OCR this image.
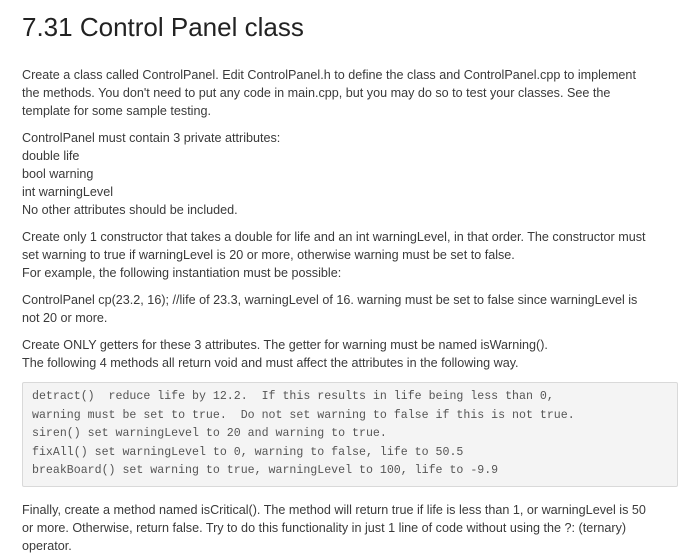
7.31 Control Panel class

Create a class called ControlPanel. Edit ControlPanel.h to define the class and ControlPanel.cpp to implement
the methods. You don't need to put any code in main.cpp, but you may do so to test your classes. See the
template for some sample testing.

ControlPanel must contain 3 private attributes:
double life
bool warning
int warningLevel
No other attributes should be included.

Create only 1 constructor that takes a double for life and an int warningLevel, in that order. The constructor must
set warning to true if warningLevel is 20 or more, otherwise warning must be set to false.
For example, the following instantiation must be possible:

ControlPanel cp(23.2, 16); //life of 23.3, warningLevel of 16. warning must be set to false since warningLevel is
not 20 or more.

Create ONLY getters for these 3 attributes. The getter for warning must be named isWarning().
The following 4 methods all return void and must affect the attributes in the following way.

detract()  reduce life by 12.2.  If this results in life being less than 0,
warning must be set to true.  Do not set warning to false if this is not true.
siren() set warningLevel to 20 and warning to true.
fixAll() set warningLevel to 0, warning to false, life to 50.5
breakBoard() set warning to true, warningLevel to 100, life to -9.9

Finally, create a method named isCritical(). The method will return true if life is less than 1, or warningLevel is 50
or more. Otherwise, return false. Try to do this functionality in just 1 line of code without using the ?: (ternary)
operator.
